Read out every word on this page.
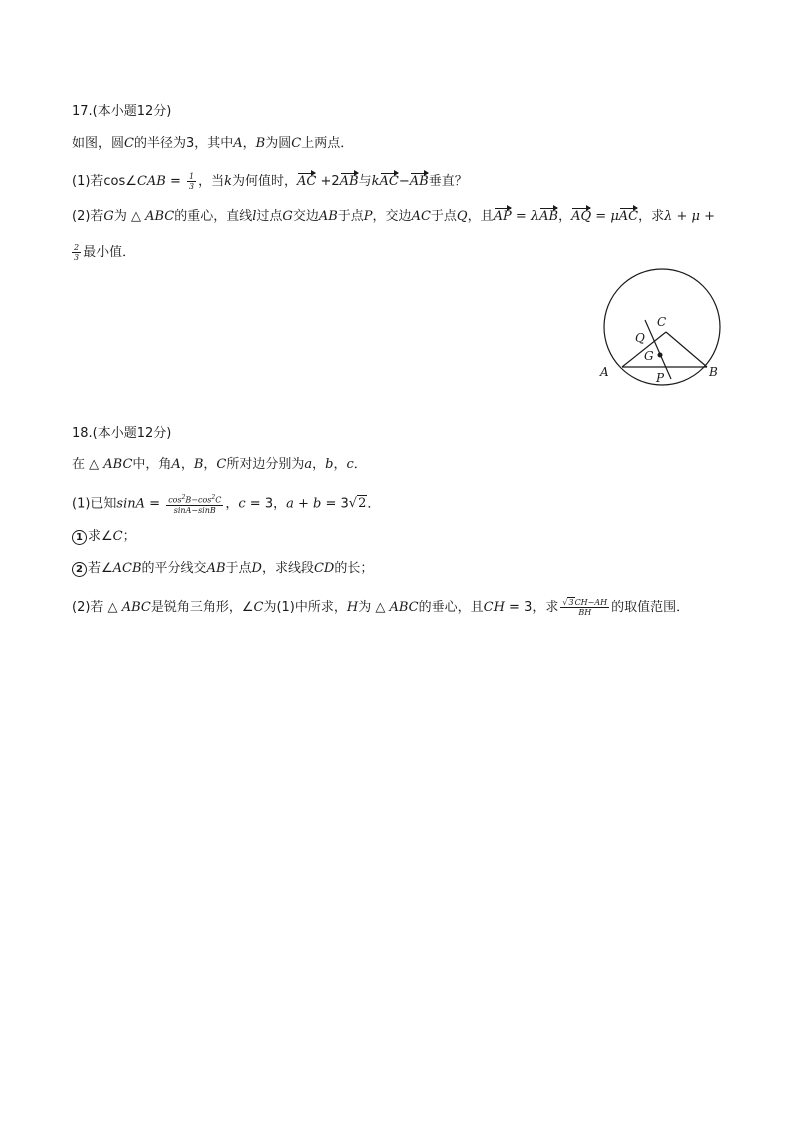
17.(本小题12分)
如图，圆C的半径为3，其中A，B为圆C上两点．
(1)若cos∠CAB = $\frac{1}{3}$ ，当k为何值时，AC +2AB与kAC−AB垂直？
(2)若G为 △ ABC的重心，直线l过点G交边AB于点P，交边AC于点Q，且AP = λAB，AQ = μAC，求λ + μ +
$\frac{2}{3}$ 最小值．
A	B
C
G
P
Q
18.(本小题12分)
在 △ ABC中，角A，B，C所对边分别为a，b，c．
(1)已知$\sin A = \frac{\cos^2B-\cos^2C}{\sin A-\sin B}$ ，c = 3，a + b = 3√2．
1 求∠C；
2 若∠ACB的平分线交AB于点D，求线段CD的长；
(2)若 △ ABC是锐角三角形，∠C为(1)中所求，H为 △ ABC的垂心，且CH = 3，求 $\frac{√3CH-AH}{BH}$ 的取值范围．
